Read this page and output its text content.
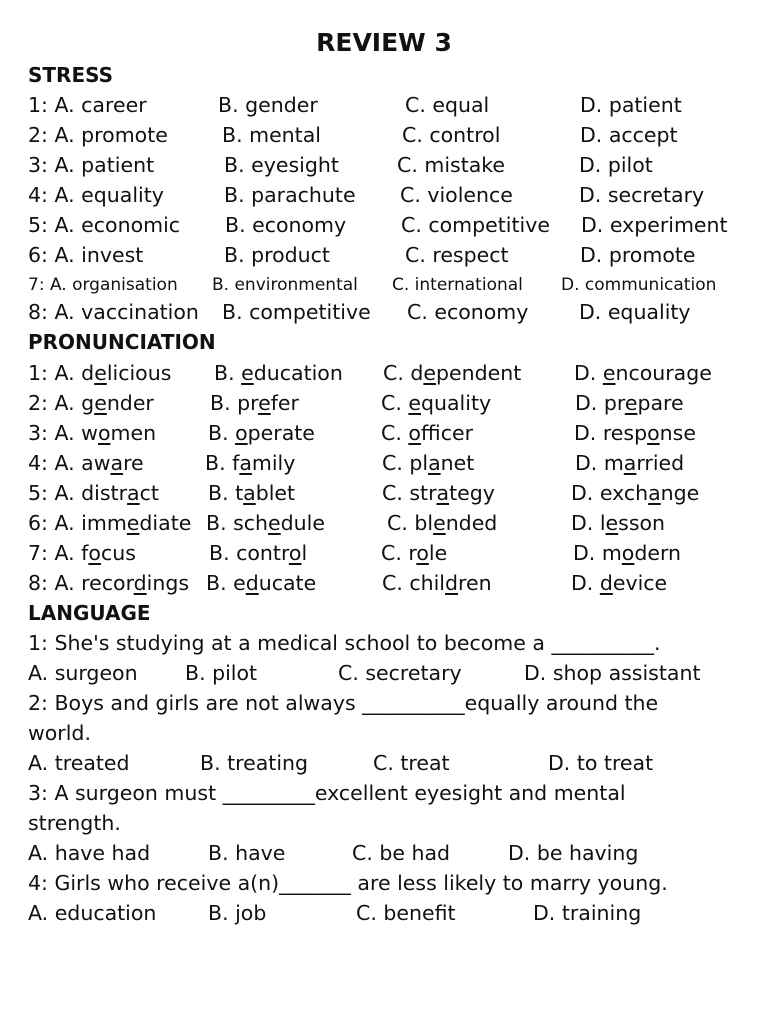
REVIEW 3
STRESS
1: A. career	B. gender	C. equal	D. patient
2: A. promote	B. mental	C. control	D. accept
3: A. patient	B. eyesight	C. mistake	D. pilot
4: A. equality	B. parachute C. violence	D. secretary
5: A. economic B. economy	C. competitive D. experiment
6: A. invest	B. product	C. respect	D. promote
7: A. organisation B. environmental C. international D. communication
8: A. vaccination B. competitive C. economy D. equality
PRONUNCIATION
1: A. delicious B. education C. dependent	D. encourage
2: A. gender	B. prefer	C. equality	D. prepare
3: A. women	B. operate	C. officer	D. response
4: A. aware	B. family	C. planet	D. married
5: A. distract B. tablet	C. strategy	D. exchange
6: A. immediate B. schedule	C. blended	D. lesson
7: A. focus	B. control	C. role	D. modern
8: A. recordings B. educate	C. children	D. device
LANGUAGE
1: She's studying at a medical school to become a __________.
A. surgeon B. pilot	C. secretary	D. shop assistant
2: Boys and girls are not always __________equally around the
world.
A. treated	B. treating	C. treat	D. to treat
3: A surgeon must _________excellent eyesight and mental
strength.
A. have had	B. have	C. be had	D. be having
4: Girls who receive a(n)_______ are less likely to marry young.
A. education	B. job	C. benefit	D. training
